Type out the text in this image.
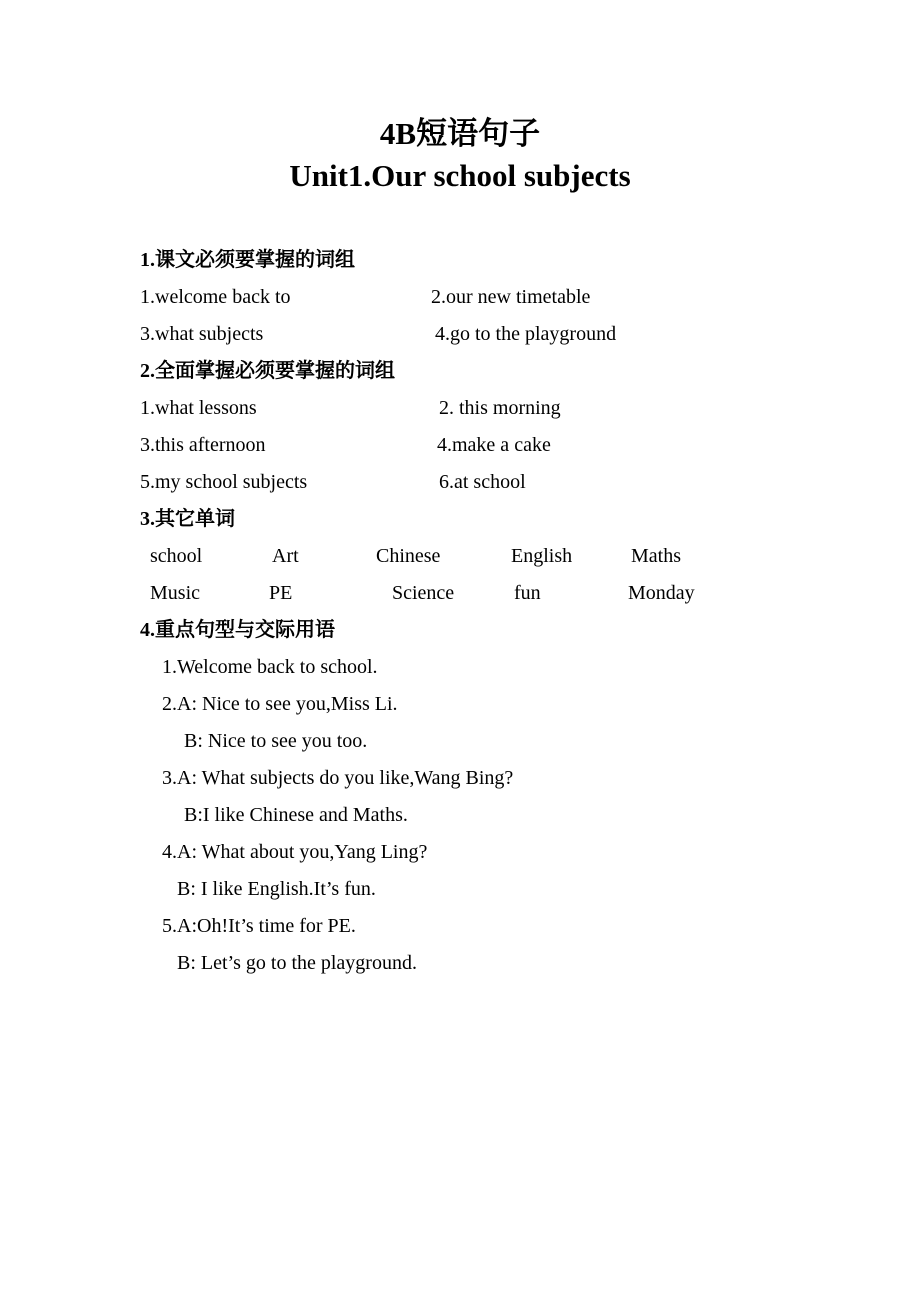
4B短语句子
Unit1.Our school subjects
1.课文必须要掌握的词组
1.welcome back to	2.our new timetable
3.what subjects	4.go to the playground
2.全面掌握必须要掌握的词组
1.what lessons	2. this morning
3.this afternoon	4.make a cake
5.my school subjects	6.at school
3.其它单词
school	Art	Chinese	English	Maths
Music	PE	Science	fun	Monday
4.重点句型与交际用语
1.Welcome back to school.
2.A: Nice to see you,Miss Li.
B: Nice to see you too.
3.A: What subjects do you like,Wang Bing?
B:I like Chinese and Maths.
4.A: What about you,Yang Ling?
B: I like English.It’s fun.
5.A:Oh!It’s time for PE.
B: Let’s go to the playground.
